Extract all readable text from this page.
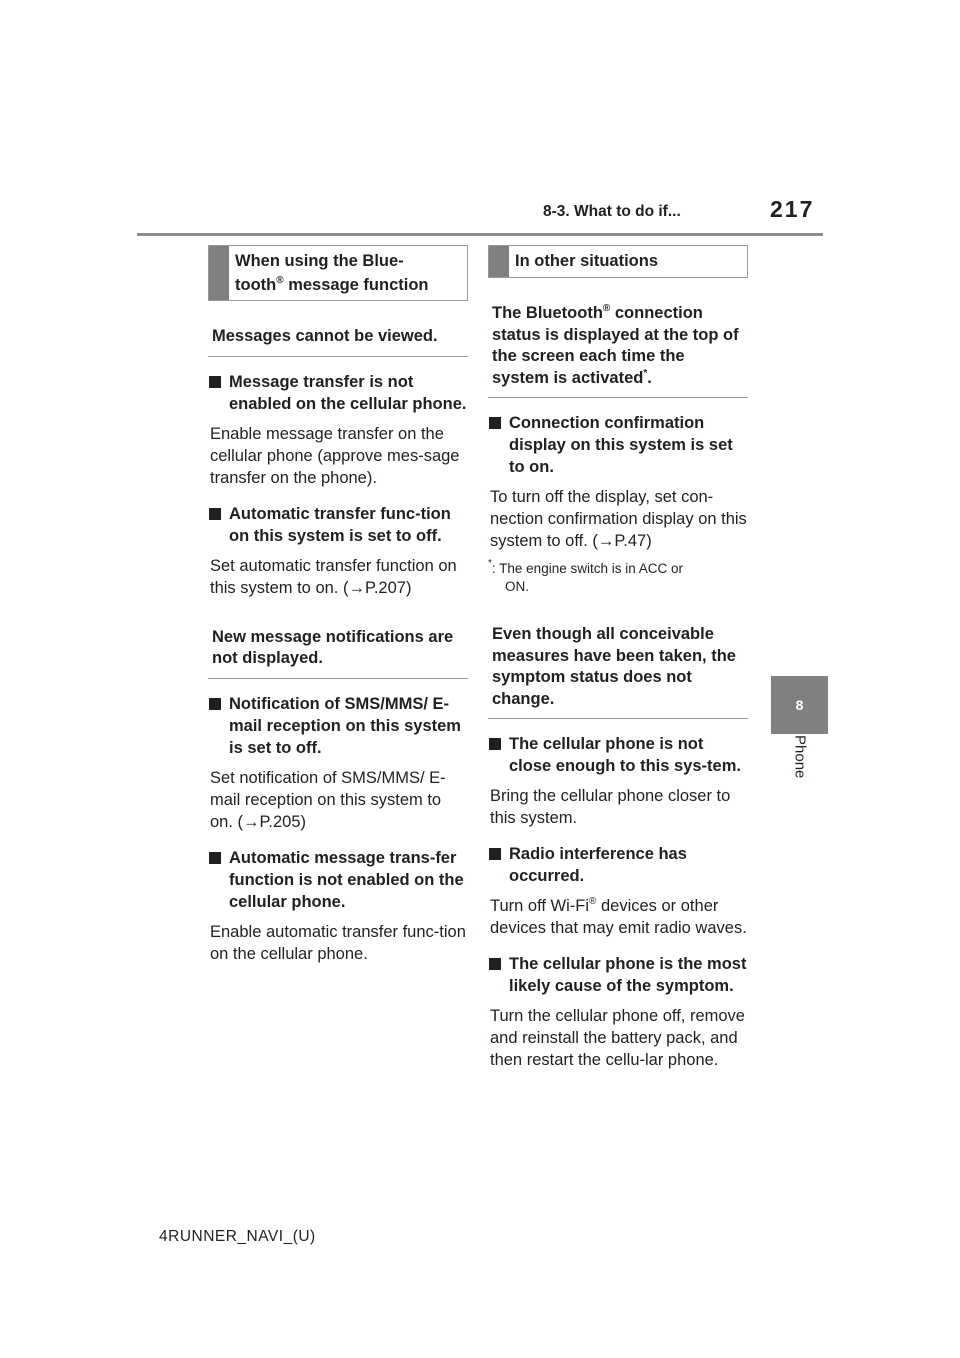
8-3. What to do if...	217
8
Phone
When using the Blue-
tooth® message function
Messages cannot be viewed.
Message transfer is not enabled on the cellular phone.
Enable message transfer on the cellular phone (approve mes-sage transfer on the phone).
Automatic transfer func-tion on this system is set to off.
Set automatic transfer function on this system to on. (→P.207)
New message notifications are not displayed.
Notification of SMS/MMS/ E-mail reception on this system is set to off.
Set notification of SMS/MMS/ E-mail reception on this system to on. (→P.205)
Automatic message trans-fer function is not enabled on the cellular phone.
Enable automatic transfer func-tion on the cellular phone.
In other situations
The Bluetooth® connection status is displayed at the top of the screen each time the system is activated*.
Connection confirmation display on this system is set to on.
To turn off the display, set con-nection confirmation display on this system to off. (→P.47)
*: The engine switch is in ACC or
ON.
Even though all conceivable measures have been taken, the symptom status does not change.
The cellular phone is not close enough to this sys-tem.
Bring the cellular phone closer to this system.
Radio interference has occurred.
Turn off Wi-Fi® devices or other devices that may emit radio waves.
The cellular phone is the most likely cause of the symptom.
Turn the cellular phone off, remove and reinstall the battery pack, and then restart the cellu-lar phone.
4RUNNER_NAVI_(U)
